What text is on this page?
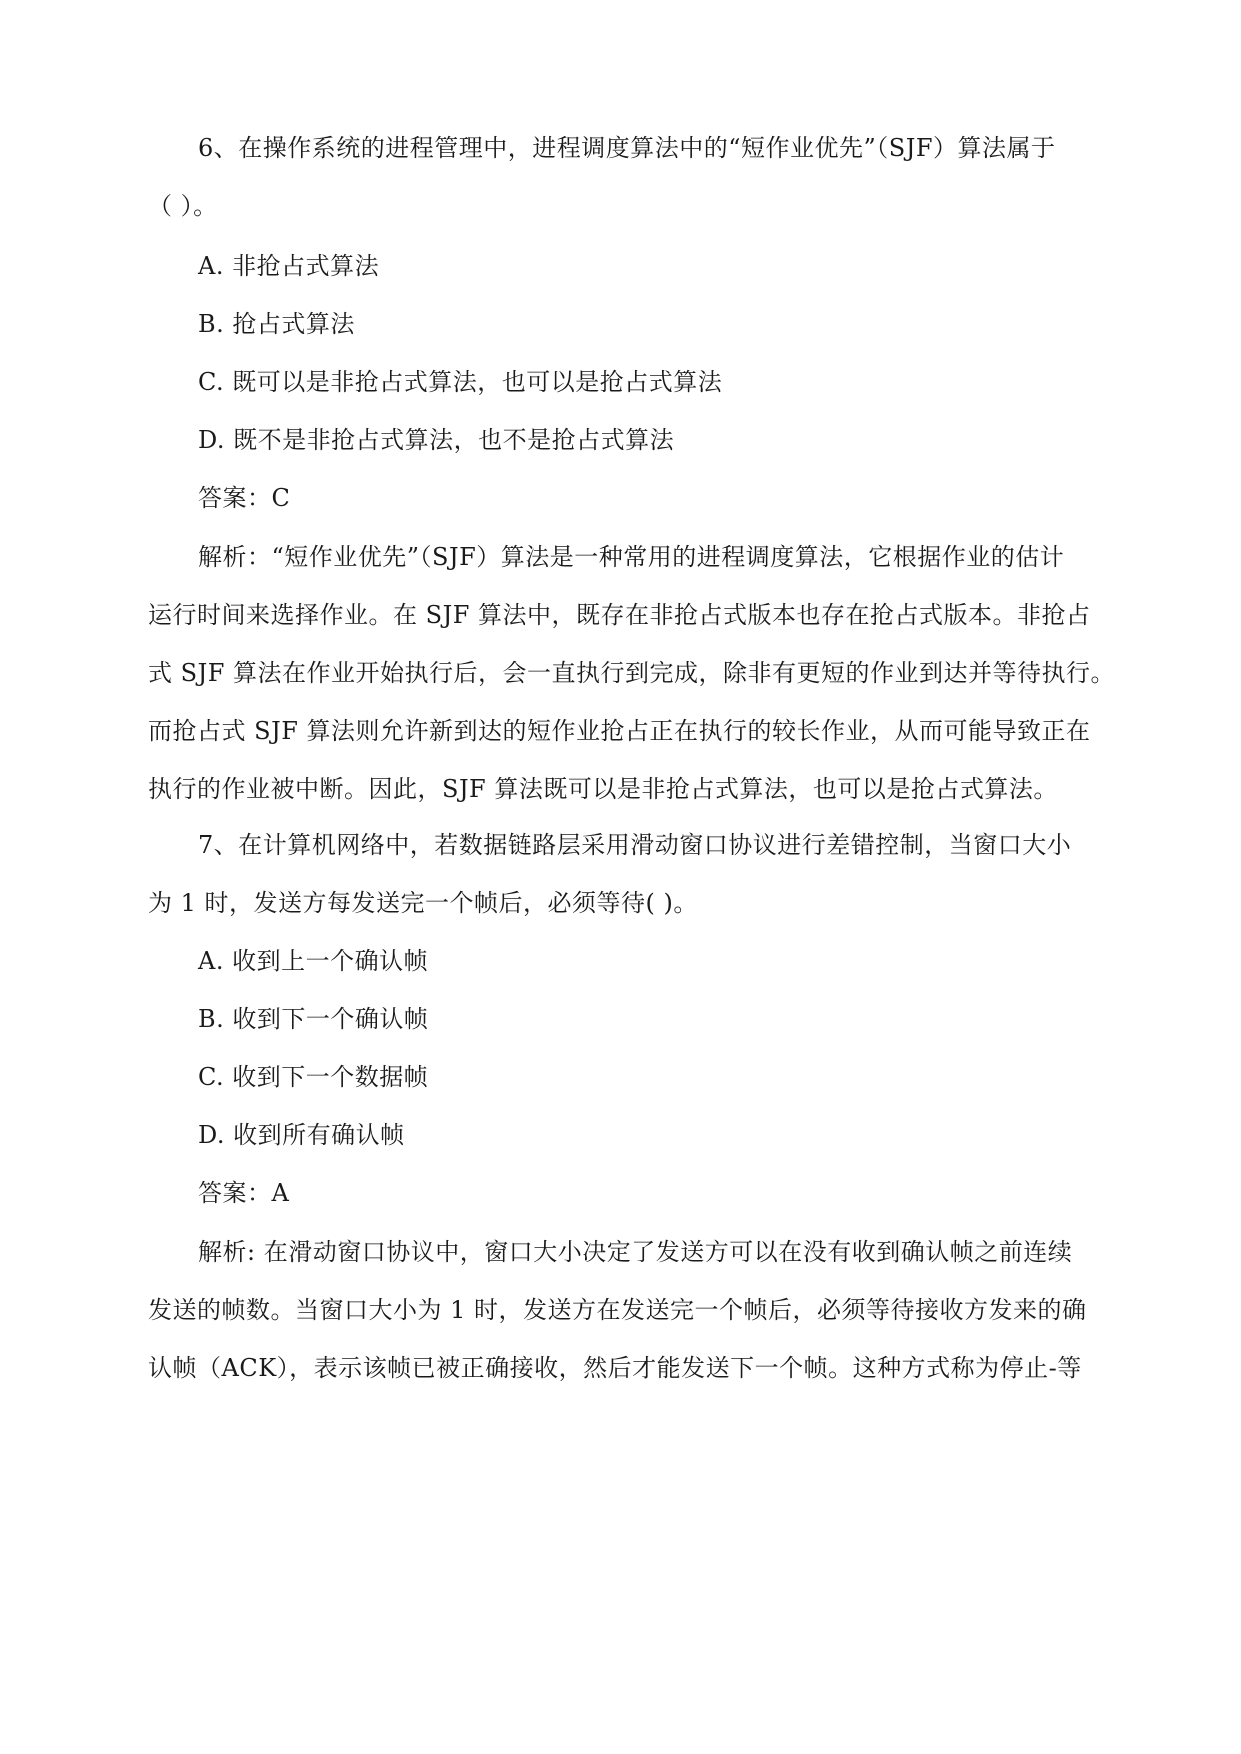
6、在操作系统的进程管理中，进程调度算法中的“短作业优先”（SJF）算法属于
（ ）。
A. 非抢占式算法
B. 抢占式算法
C. 既可以是非抢占式算法，也可以是抢占式算法
D. 既不是非抢占式算法，也不是抢占式算法
答案：C
解析：“短作业优先”（SJF）算法是一种常用的进程调度算法，它根据作业的估计
运行时间来选择作业。在 SJF 算法中，既存在非抢占式版本也存在抢占式版本。非抢占
式 SJF 算法在作业开始执行后，会一直执行到完成，除非有更短的作业到达并等待执行。
而抢占式 SJF 算法则允许新到达的短作业抢占正在执行的较长作业，从而可能导致正在
执行的作业被中断。因此，SJF 算法既可以是非抢占式算法，也可以是抢占式算法。
7、在计算机网络中，若数据链路层采用滑动窗口协议进行差错控制，当窗口大小
为 1 时，发送方每发送完一个帧后，必须等待( )。
A. 收到上一个确认帧
B. 收到下一个确认帧
C. 收到下一个数据帧
D. 收到所有确认帧
答案：A
解析: 在滑动窗口协议中，窗口大小决定了发送方可以在没有收到确认帧之前连续
发送的帧数。当窗口大小为 1 时，发送方在发送完一个帧后，必须等待接收方发来的确
认帧（ACK），表示该帧已被正确接收，然后才能发送下一个帧。这种方式称为停止-等
